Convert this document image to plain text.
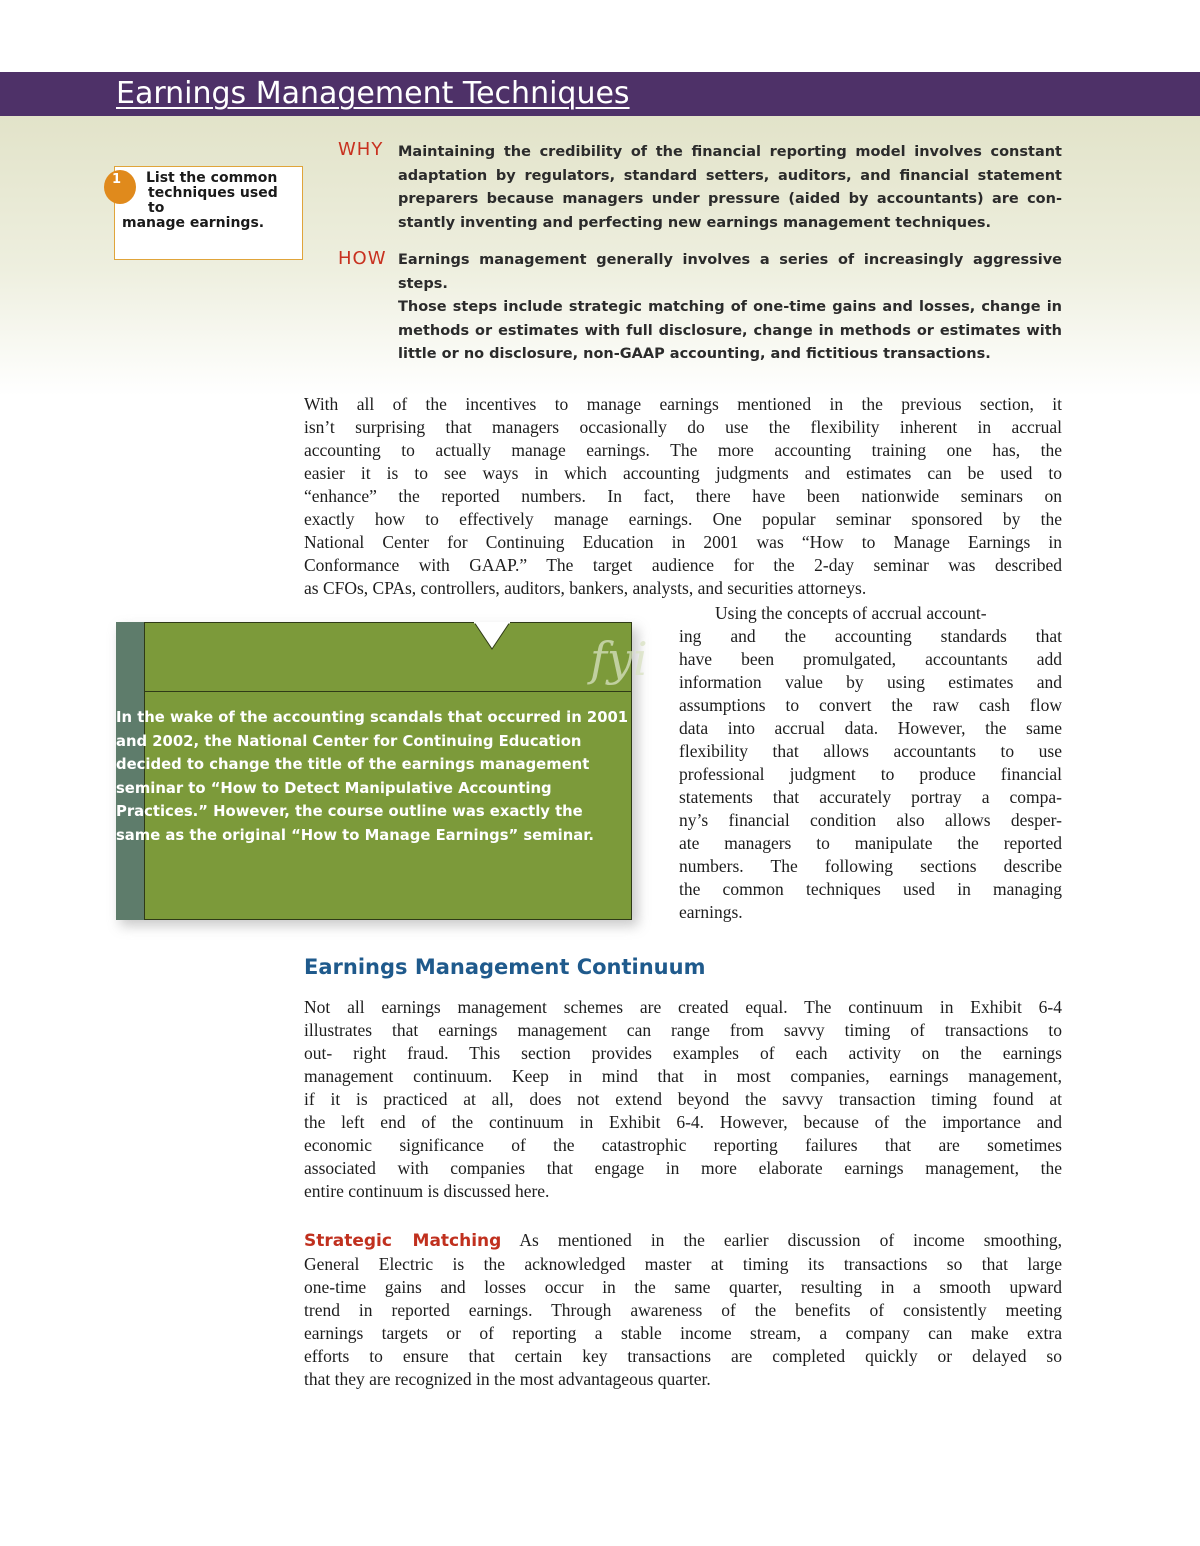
Earnings Management Techniques
1	List the common
techniques used to
manage earnings.
WHY Maintaining the credibility of the financial reporting model involves constant
adaptation by regulators, standard setters, auditors, and financial statement
preparers because managers under pressure (aided by accountants) are con-
stantly inventing and perfecting new earnings management techniques.
HOW Earnings management generally involves a series of increasingly aggressive steps.
Those steps include strategic matching of one-time gains and losses, change in
methods or estimates with full disclosure, change in methods or estimates with
little or no disclosure, non-GAAP accounting, and fictitious transactions.
With all of the incentives to manage earnings mentioned in the previous section, it
isn’t surprising that managers occasionally do use the flexibility inherent in accrual
accounting to actually manage earnings. The more accounting training one has, the
easier it is to see ways in which accounting judgments and estimates can be used to
“enhance” the reported numbers. In fact, there have been nationwide seminars on
exactly how to effectively manage earnings. One popular seminar sponsored by the
National Center for Continuing Education in 2001 was “How to Manage Earnings in
Conformance with GAAP.” The target audience for the 2-day seminar was described
as CFOs, CPAs, controllers, auditors, bankers, analysts, and securities attorneys.
fyi
In the wake of the accounting scandals that occurred in 2001
and 2002, the National Center for Continuing Education
decided to change the title of the earnings management
seminar to “How to Detect Manipulative Accounting
Practices.” However, the course outline was exactly the
same as the original “How to Manage Earnings” seminar.
Using the concepts of accrual account-
ing and the accounting standards that
have been promulgated, accountants add
information value by using estimates and
assumptions to convert the raw cash flow
data into accrual data. However, the same
flexibility that allows accountants to use
professional judgment to produce financial
statements that accurately portray a compa-
ny’s financial condition also allows desper-
ate managers to manipulate the reported
numbers. The following sections describe
the common techniques used in managing
earnings.
Earnings Management Continuum
Not all earnings management schemes are created equal. The continuum in Exhibit 6-4
illustrates that earnings management can range from savvy timing of transactions to
out- right fraud. This section provides examples of each activity on the earnings
management continuum. Keep in mind that in most companies, earnings management,
if it is practiced at all, does not extend beyond the savvy transaction timing found at
the left end of the continuum in Exhibit 6-4. However, because of the importance and
economic significance of the catastrophic reporting failures that are sometimes
associated with companies that engage in more elaborate earnings management, the
entire continuum is discussed here.
Strategic Matching As mentioned in the earlier discussion of income smoothing,
General Electric is the acknowledged master at timing its transactions so that large
one-time gains and losses occur in the same quarter, resulting in a smooth upward
trend in reported earnings. Through awareness of the benefits of consistently meeting
earnings targets or of reporting a stable income stream, a company can make extra
efforts to ensure that certain key transactions are completed quickly or delayed so
that they are recognized in the most advantageous quarter.
